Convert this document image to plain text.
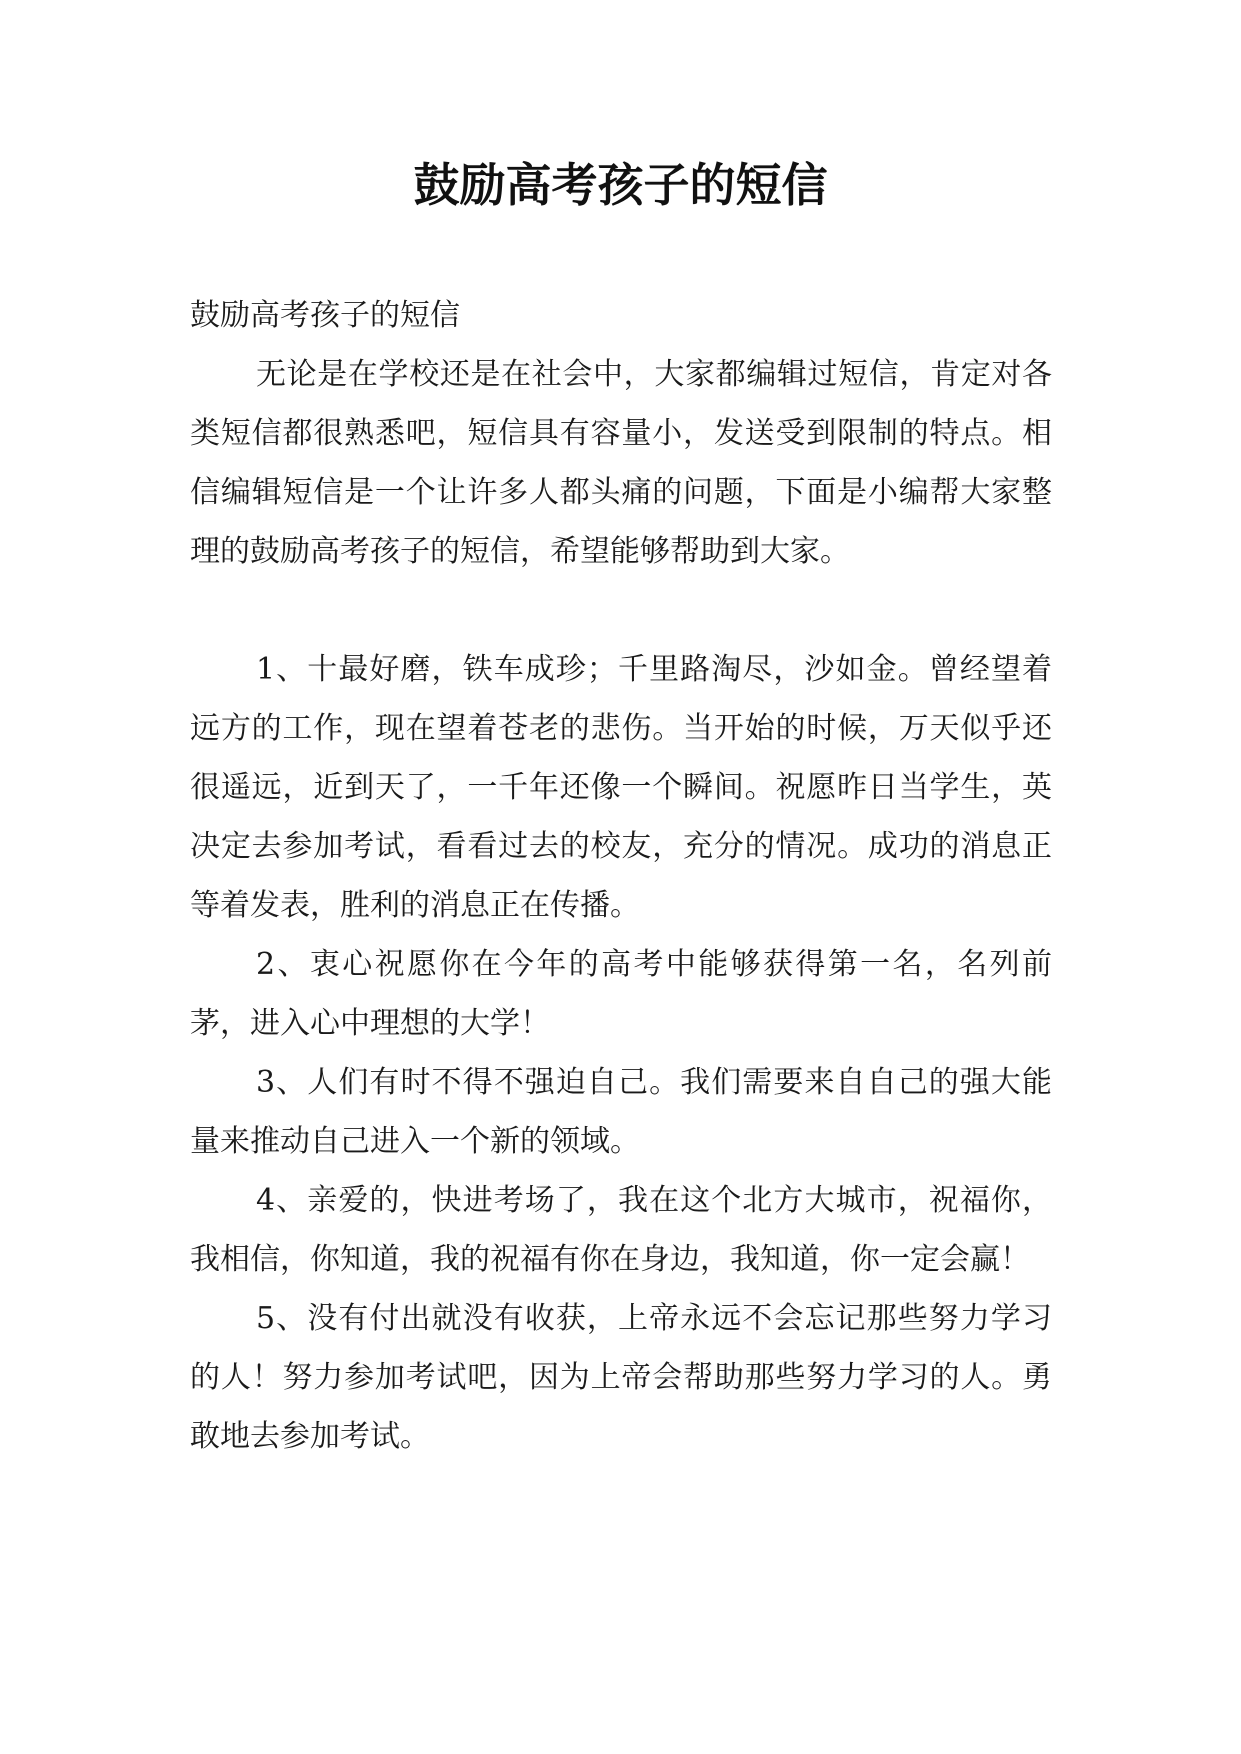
鼓励高考孩子的短信

鼓励高考孩子的短信

无论是在学校还是在社会中，大家都编辑过短信，肯定对各类短信都很熟悉吧，短信具有容量小，发送受到限制的特点。相信编辑短信是一个让许多人都头痛的问题，下面是小编帮大家整理的鼓励高考孩子的短信，希望能够帮助到大家。

1、十最好磨，铁车成珍；千里路淘尽，沙如金。曾经望着远方的工作，现在望着苍老的悲伤。当开始的时候，万天似乎还很遥远，近到天了，一千年还像一个瞬间。祝愿昨日当学生，英决定去参加考试，看看过去的校友，充分的情况。成功的消息正等着发表，胜利的消息正在传播。

2、衷心祝愿你在今年的高考中能够获得第一名，名列前茅，进入心中理想的大学！

3、人们有时不得不强迫自己。我们需要来自自己的强大能量来推动自己进入一个新的领域。

4、亲爱的，快进考场了，我在这个北方大城市，祝福你，我相信，你知道，我的祝福有你在身边，我知道，你一定会赢！

5、没有付出就没有收获，上帝永远不会忘记那些努力学习的人！努力参加考试吧，因为上帝会帮助那些努力学习的人。勇敢地去参加考试。
